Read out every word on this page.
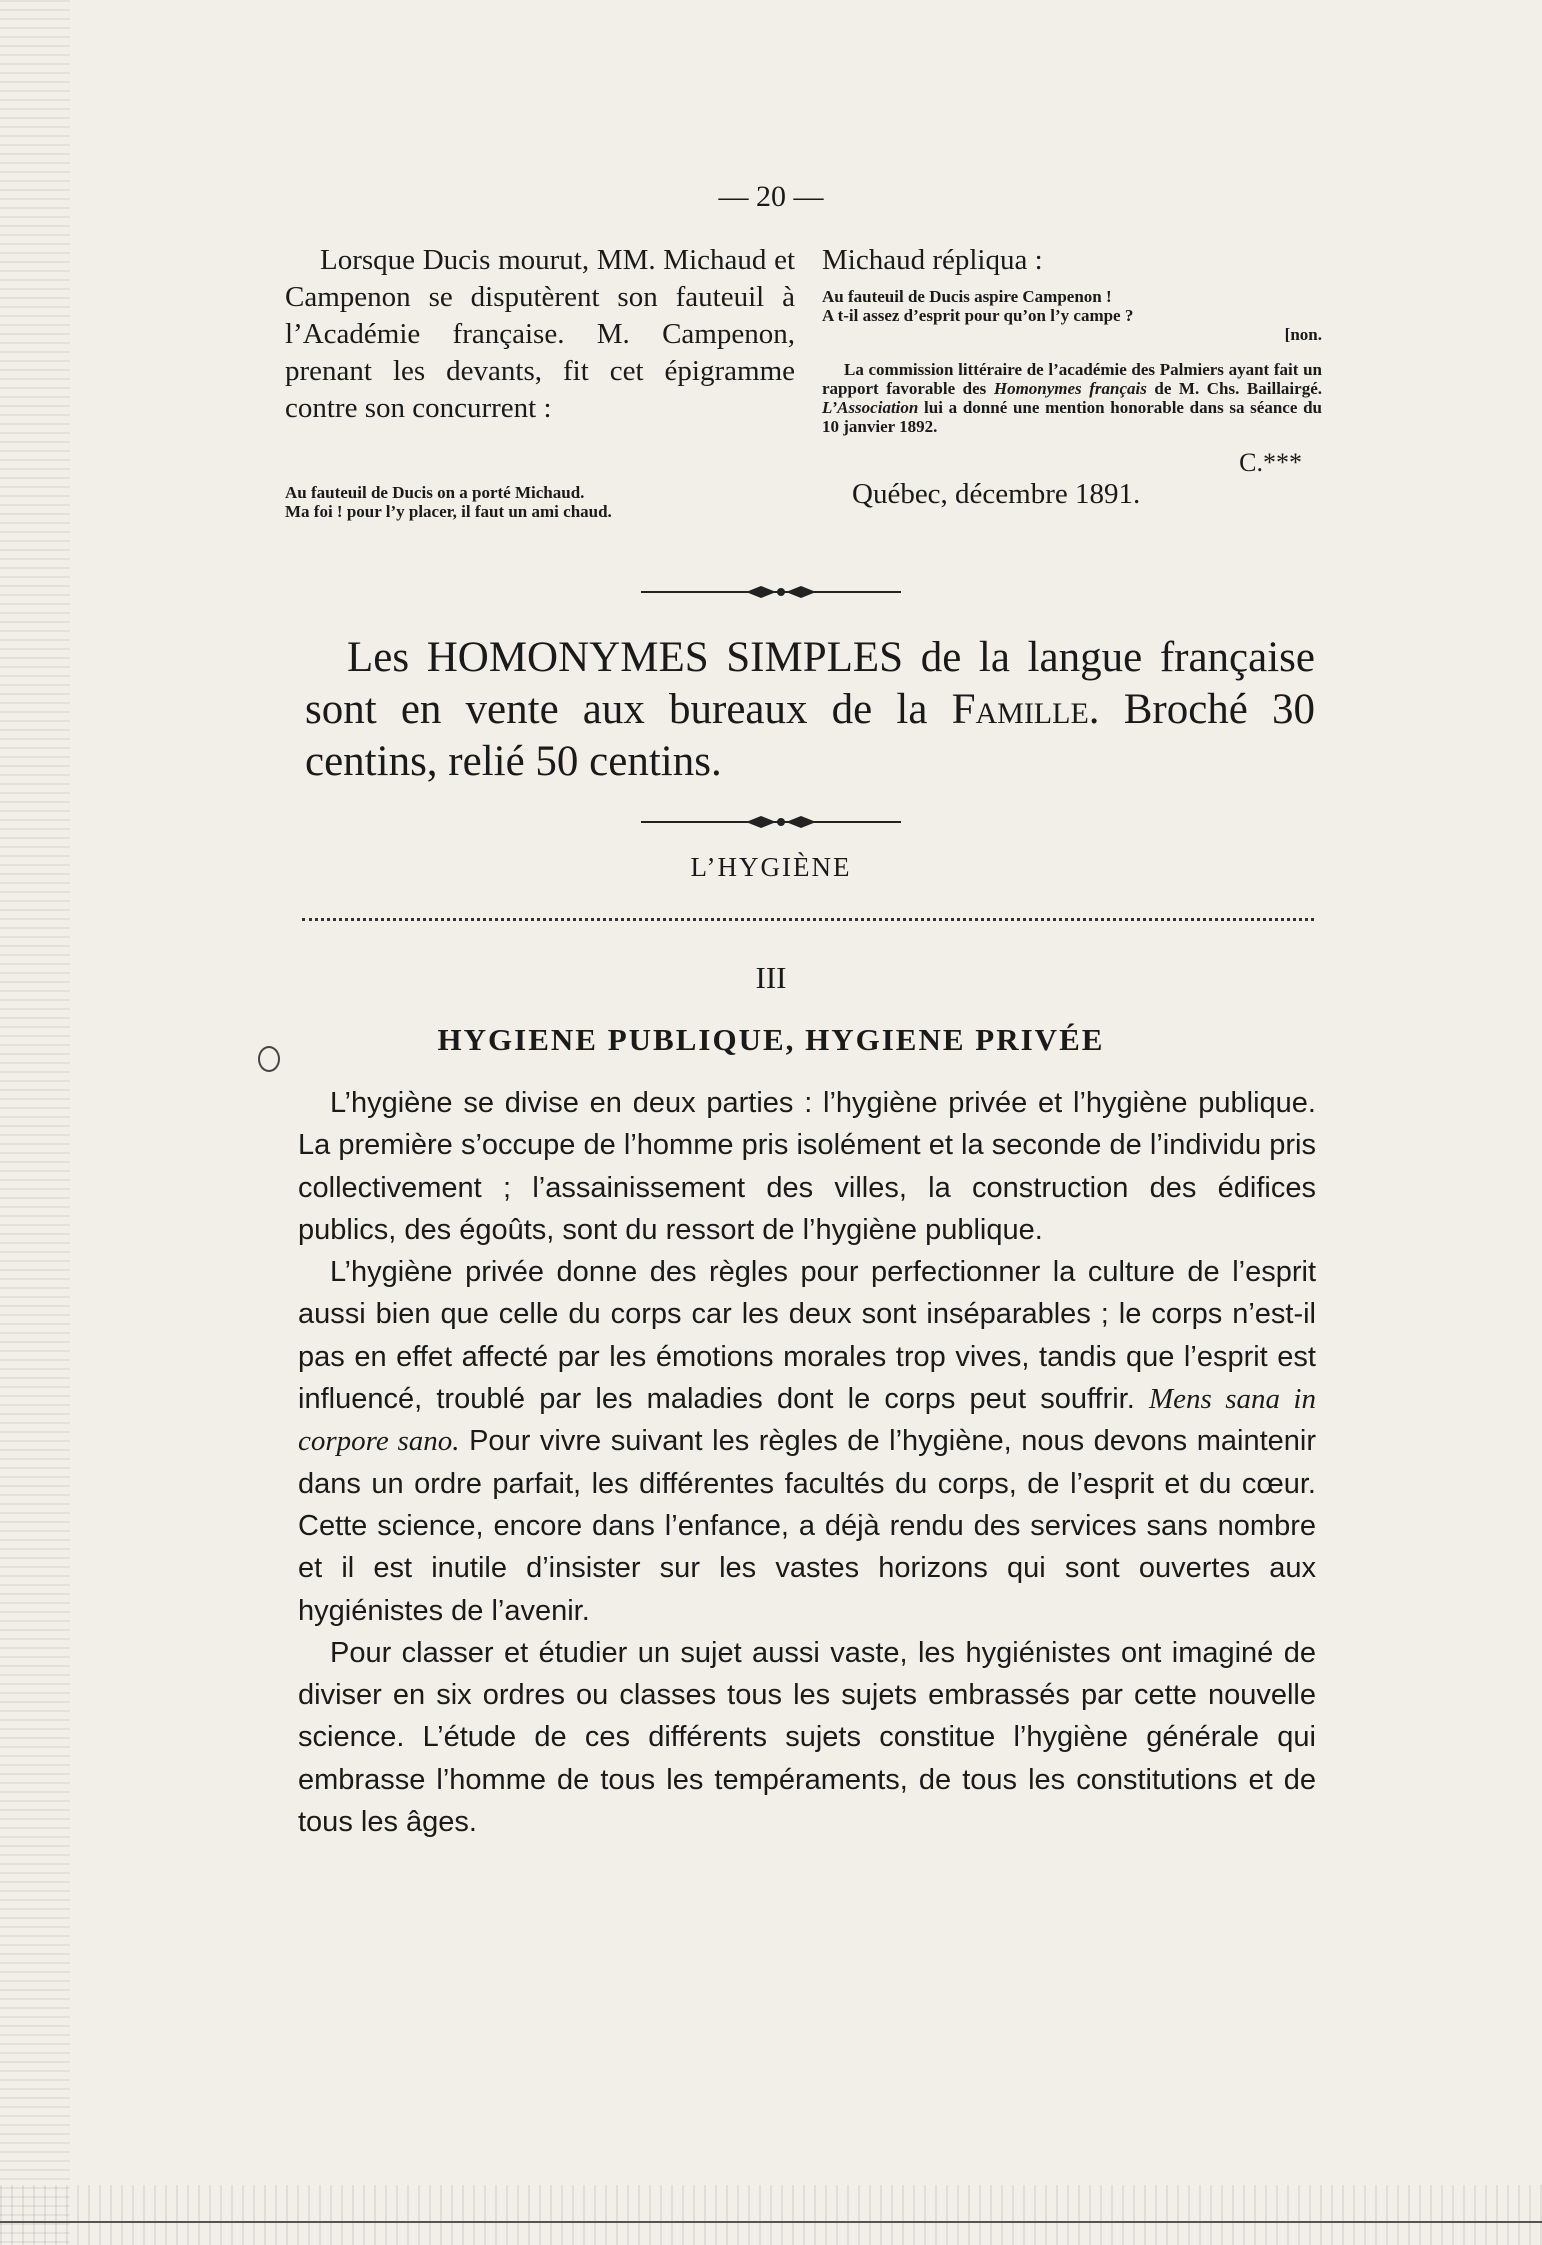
— 20 —
Lorsque Ducis mourut, MM. Michaud et Campenon se disputèrent son fauteuil à l’Académie française. M. Campenon, prenant les devants, fit cet épigramme contre son concurrent :
Au fauteuil de Ducis on a porté Michaud.
Ma foi ! pour l’y placer, il faut un ami chaud.
Michaud répliqua :
Au fauteuil de Ducis aspire Campenon !
A t-il assez d’esprit pour qu’on l’y campe ?
[non.
La commission littéraire de l’académie des Palmiers ayant fait un rapport favorable des Homonymes français de M. Chs. Baillairgé. L’Association lui a donné une mention honorable dans sa séance du 10 janvier 1892.
C.***
Québec, décembre 1891.
Les HOMONYMES SIMPLES de la langue française sont en vente aux bureaux de la Famille. Broché 30 centins, relié 50 centins.
L’HYGIÈNE
III
HYGIENE PUBLIQUE, HYGIENE PRIVÉE

L’hygiène se divise en deux parties : l’hygiène privée et l’hygiène publique. La première s’occupe de l’homme pris isolément et la seconde de l’individu pris collectivement ; l’assainissement des villes, la construction des édifices publics, des égoûts, sont du ressort de l’hygiène publique.

L’hygiène privée donne des règles pour perfectionner la culture de l’esprit aussi bien que celle du corps car les deux sont inséparables ; le corps n’est-il pas en effet affecté par les émotions morales trop vives, tandis que l’esprit est influencé, troublé par les maladies dont le corps peut souffrir. Mens sana in corpore sano. Pour vivre suivant les règles de l’hygiène, nous devons maintenir dans un ordre parfait, les différentes facultés du corps, de l’esprit et du cœur. Cette science, encore dans l’enfance, a déjà rendu des services sans nombre et il est inutile d’insister sur les vastes horizons qui sont ouvertes aux hygiénistes de l’avenir.

Pour classer et étudier un sujet aussi vaste, les hygiénistes ont imaginé de diviser en six ordres ou classes tous les sujets embrassés par cette nouvelle science. L’étude de ces différents sujets constitue l’hygiène générale qui embrasse l’homme de tous les tempéraments, de tous les constitutions et de tous les âges.
